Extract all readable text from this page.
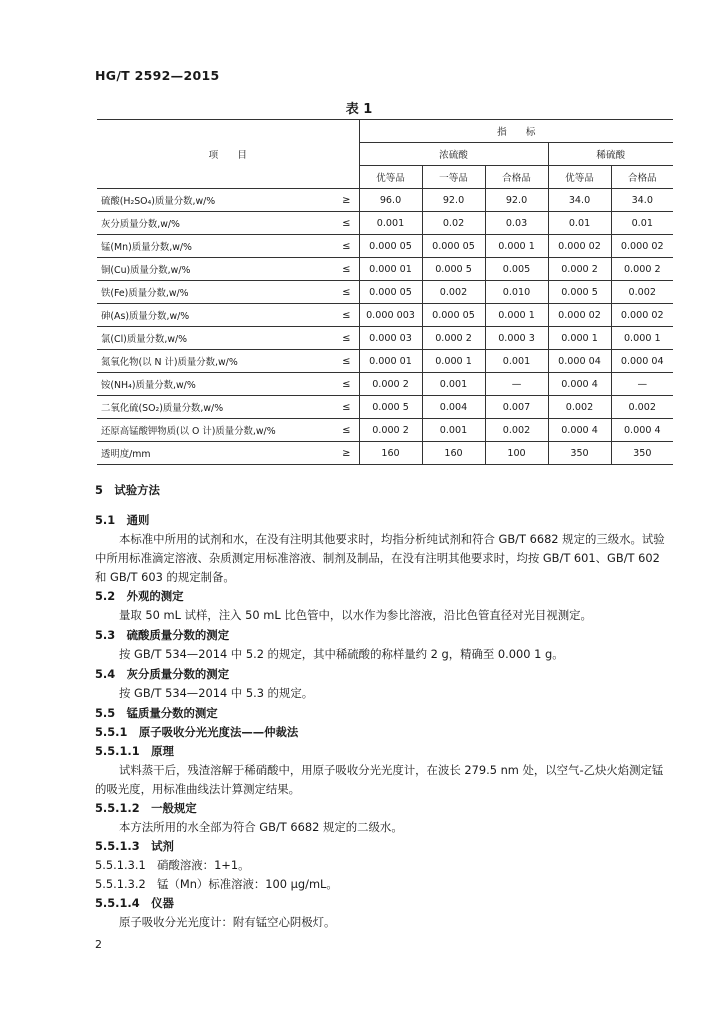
HG/T 2592—2015
表 1
项　　目		指　　标				
		浓硫酸			稀硫酸	
		优等品	一等品	合格品	优等品	合格品
硫酸(H₂SO₄)质量分数,w/%	≥	96.0	92.0	92.0	34.0	34.0
灰分质量分数,w/%	≤	0.001	0.02	0.03	0.01	0.01
锰(Mn)质量分数,w/%	≤	0.000 05	0.000 05	0.000 1	0.000 02	0.000 02
铜(Cu)质量分数,w/%	≤	0.000 01	0.000 5	0.005	0.000 2	0.000 2
铁(Fe)质量分数,w/%	≤	0.000 05	0.002	0.010	0.000 5	0.002
砷(As)质量分数,w/%	≤	0.000 003	0.000 05	0.000 1	0.000 02	0.000 02
氯(Cl)质量分数,w/%	≤	0.000 03	0.000 2	0.000 3	0.000 1	0.000 1
氮氧化物(以 N 计)质量分数,w/%	≤	0.000 01	0.000 1	0.001	0.000 04	0.000 04
铵(NH₄)质量分数,w/%	≤	0.000 2	0.001	—	0.000 4	—
二氧化硫(SO₂)质量分数,w/%	≤	0.000 5	0.004	0.007	0.002	0.002
还原高锰酸钾物质(以 O 计)质量分数,w/%	≤	0.000 2	0.001	0.002	0.000 4	0.000 4
透明度/mm	≥	160	160	100	350	350
5　试验方法
5.1　通则
本标准中所用的试剂和水，在没有注明其他要求时，均指分析纯试剂和符合 GB/T 6682 规定的三级水。试验中所用标准滴定溶液、杂质测定用标准溶液、制剂及制品，在没有注明其他要求时，均按 GB/T 601、GB/T 602 和 GB/T 603 的规定制备。
5.2　外观的测定
量取 50 mL 试样，注入 50 mL 比色管中，以水作为参比溶液，沿比色管直径对光目视测定。
5.3　硫酸质量分数的测定
按 GB/T 534—2014 中 5.2 的规定，其中稀硫酸的称样量约 2 g，精确至 0.000 1 g。
5.4　灰分质量分数的测定
按 GB/T 534—2014 中 5.3 的规定。
5.5　锰质量分数的测定
5.5.1　原子吸收分光光度法——仲裁法
5.5.1.1　原理
试料蒸干后，残渣溶解于稀硝酸中，用原子吸收分光光度计，在波长 279.5 nm 处，以空气-乙炔火焰测定锰的吸光度，用标准曲线法计算测定结果。
5.5.1.2　一般规定
本方法所用的水全部为符合 GB/T 6682 规定的二级水。
5.5.1.3　试剂
5.5.1.3.1　硝酸溶液：1+1。
5.5.1.3.2　锰（Mn）标准溶液：100 μg/mL。
5.5.1.4　仪器
原子吸收分光光度计：附有锰空心阴极灯。
2
